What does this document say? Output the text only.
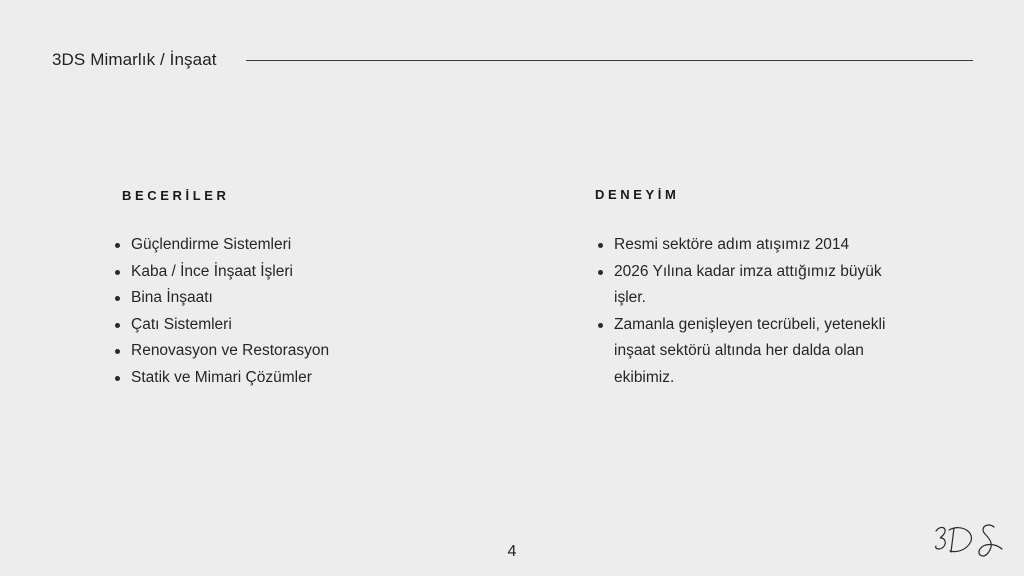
3DS Mimarlık / İnşaat
BECERİLER
Güçlendirme Sistemleri
Kaba / İnce İnşaat İşleri
Bina İnşaatı
Çatı Sistemleri
Renovasyon ve Restorasyon
Statik ve Mimari Çözümler
DENEYİM
Resmi sektöre adım atışımız 2014
2026 Yılına kadar imza attığımız büyük işler.
Zamanla genişleyen tecrübeli, yetenekli inşaat sektörü altında her dalda olan ekibimiz.
4
